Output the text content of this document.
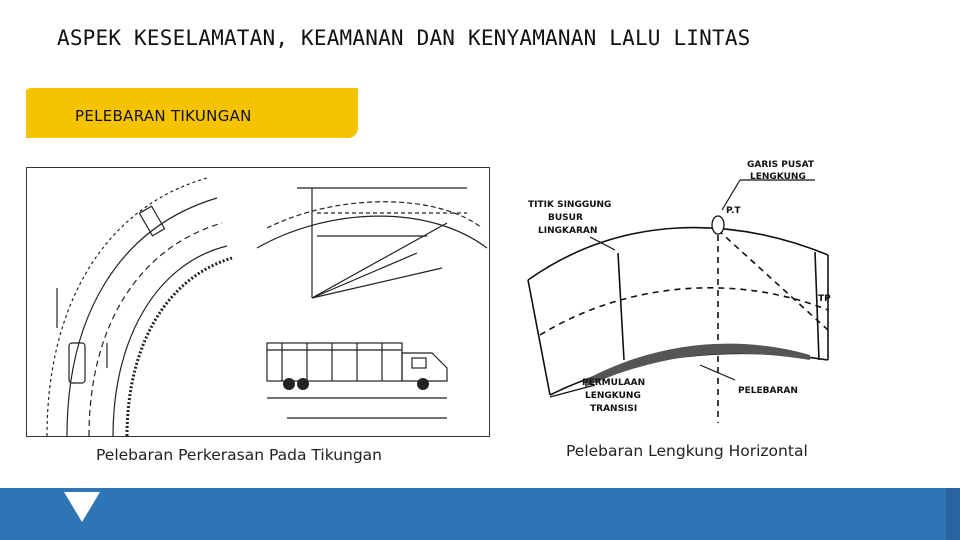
ASPEK KESELAMATAN, KEAMANAN DAN KENYAMANAN LALU LINTAS
PELEBARAN TIKUNGAN
GARIS PUSAT
LENGKUNG
P.T
TITIK SINGGUNG
BUSUR
LINGKARAN
TP
PERMULAAN
LENGKUNG
TRANSISI
PELEBARAN
Pelebaran Perkerasan Pada Tikungan	Pelebaran Lengkung Horizontal
